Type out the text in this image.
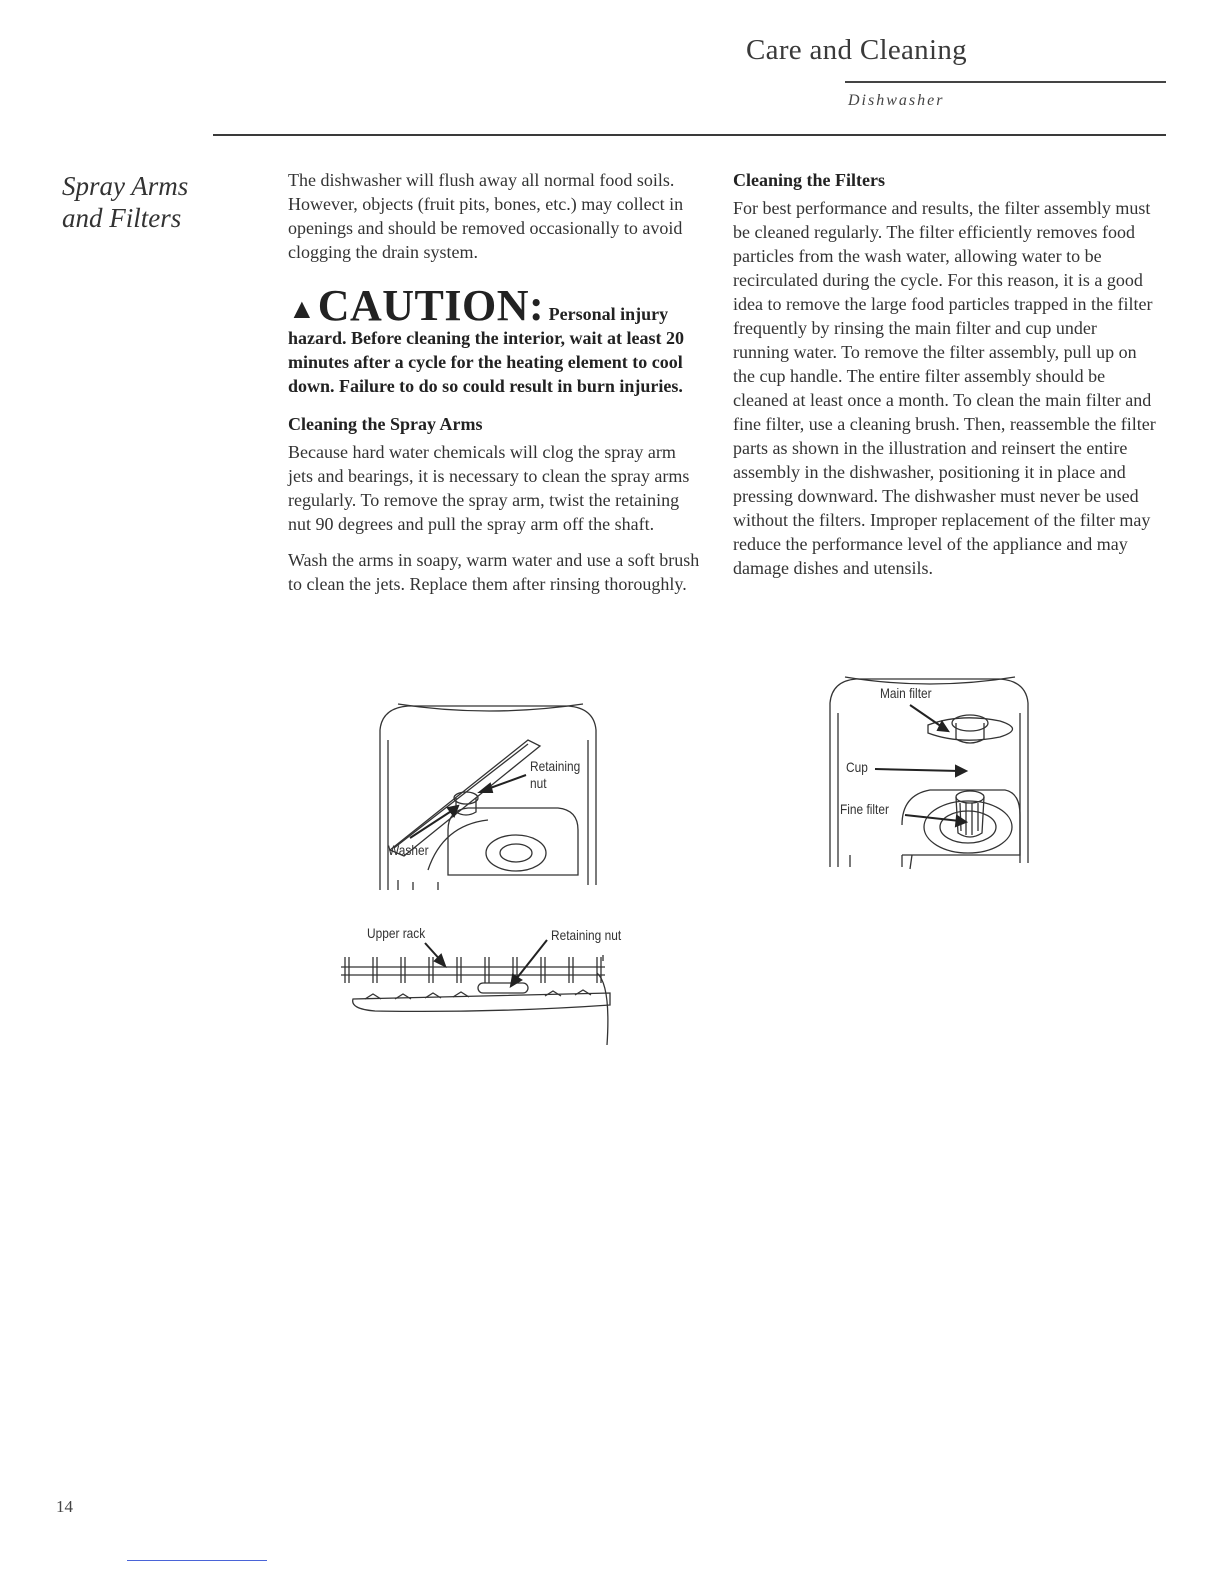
Care and Cleaning
Dishwasher
Spray Arms and Filters

The dishwasher will flush away all normal food soils. However, objects (fruit pits, bones, etc.) may collect in openings and should be removed occasionally to avoid clogging the drain system.

▲CAUTION: Personal injury hazard. Before cleaning the interior, wait at least 20 minutes after a cycle for the heating element to cool down. Failure to do so could result in burn injuries.

Cleaning the Spray Arms

Because hard water chemicals will clog the spray arm jets and bearings, it is necessary to clean the spray arms regularly. To remove the spray arm, twist the retaining nut 90 degrees and pull the spray arm off the shaft.

Wash the arms in soapy, warm water and use a soft brush to clean the jets. Replace them after rinsing thoroughly.

Cleaning the Filters

For best performance and results, the filter assembly must be cleaned regularly. The filter efficiently removes food particles from the wash water, allowing water to be recirculated during the cycle. For this reason, it is a good idea to remove the large food particles trapped in the filter frequently by rinsing the main filter and cup under running water. To remove the filter assembly, pull up on the cup handle. The entire filter assembly should be cleaned at least once a month. To clean the main filter and fine filter, use a cleaning brush. Then, reassemble the filter parts as shown in the illustration and reinsert the entire assembly in the dishwasher, positioning it in place and pressing downward. The dishwasher must never be used without the filters. Improper replacement of the filter may reduce the performance level of the appliance and may damage dishes and utensils.

Retaining nut
Washer
Upper rack	Retaining nut
Main filter
Cup
Fine filter
14
